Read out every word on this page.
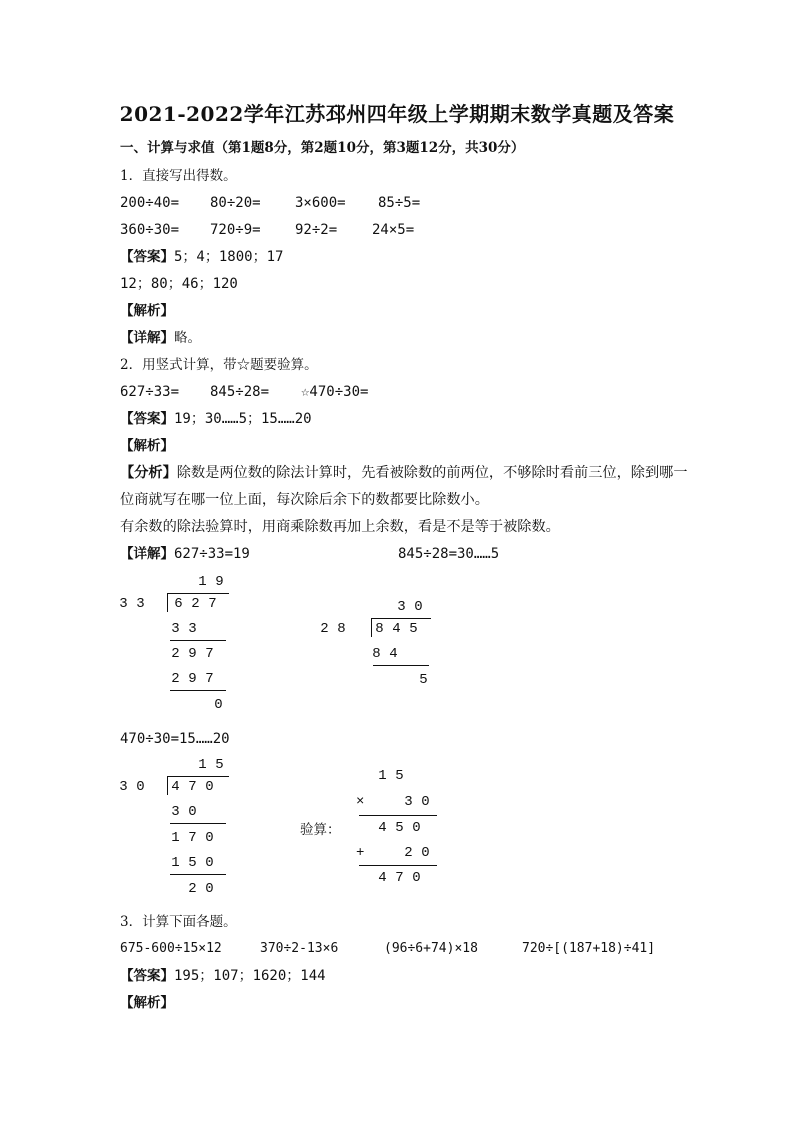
2021-2022学年江苏邳州四年级上学期期末数学真题及答案
一、计算与求值（第1题8分，第2题10分，第3题12分，共30分）
1．直接写出得数。
200÷40= 80÷20= 3×600= 85÷5=
360÷30= 720÷9= 92÷2= 24×5=
【答案】5；4；1800；17
12；80；46；120
【解析】
【详解】略。
2．用竖式计算，带☆题要验算。
627÷33= 845÷28= ☆470÷30=
【答案】19；30……5；15……20
【解析】
【分析】除数是两位数的除法计算时，先看被除数的前两位，不够除时看前三位，除到哪一
位商就写在哪一位上面，每次除后余下的数都要比除数小。
有余数的除法验算时，用商乘除数再加上余数，看是不是等于被除数。
【详解】627÷33=19	845÷28=30……5
1 9
3 3	6 2 7
3 3
2 9 7
2 9 7
0
3 0
2 8	8 4 5
8 4
5
470÷30=15……20
1 5
3 0	4 7 0
3 0
1 7 0
1 5 0
2 0
验算：
1 5
×	3 0
4 5 0
+	2 0
4 7 0
3．计算下面各题。
675-600÷15×12	370÷2-13×6	(96÷6+74)×18	720÷[(187+18)÷41]
【答案】195；107；1620；144
【解析】
